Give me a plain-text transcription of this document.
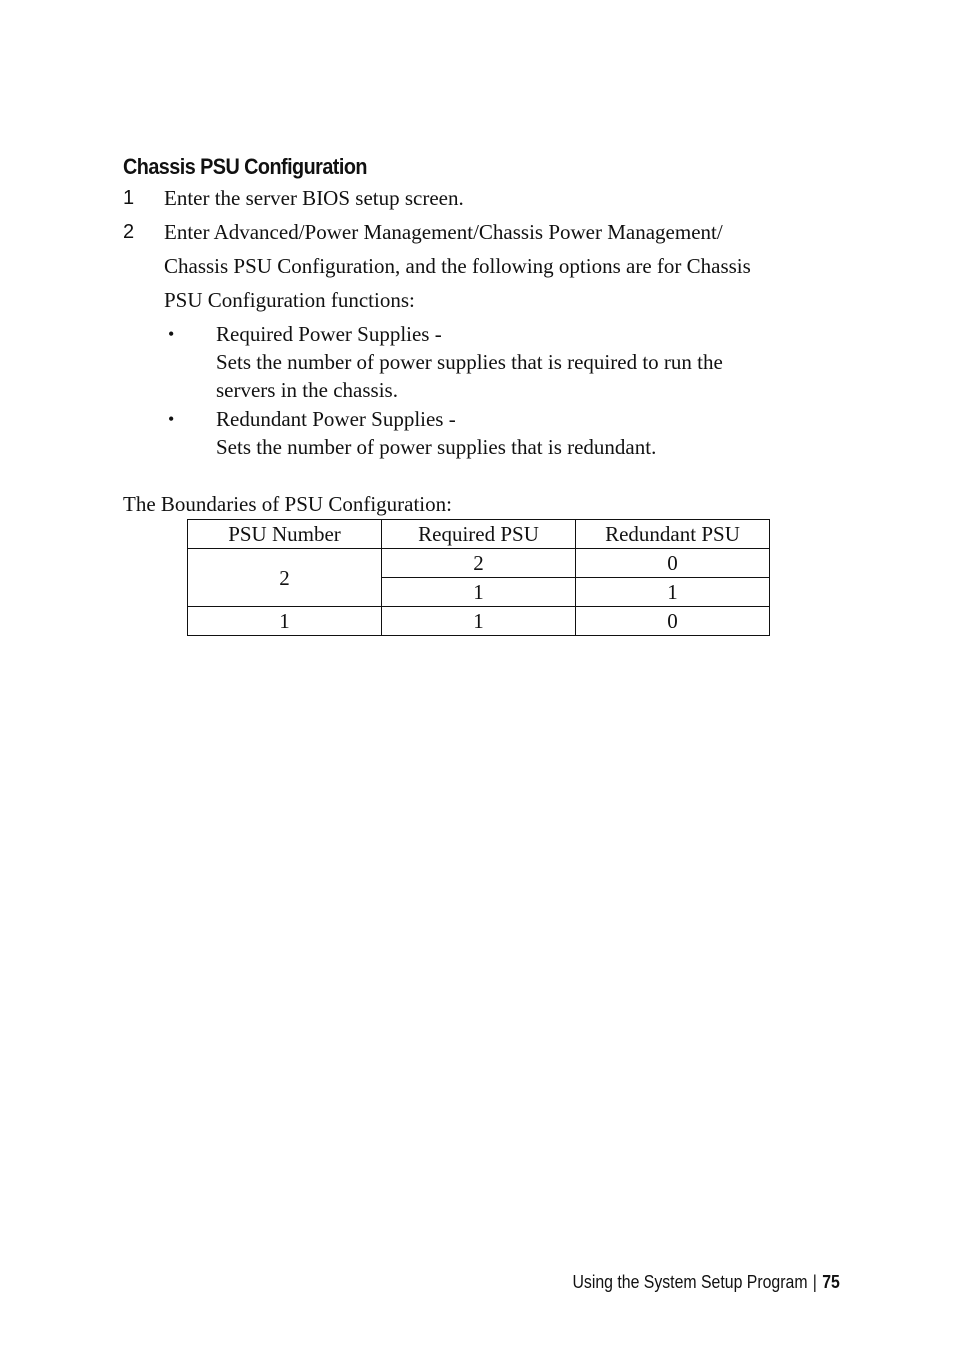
Chassis PSU Configuration
1 Enter the server BIOS setup screen.
2 Enter Advanced/Power Management/Chassis Power Management/
Chassis PSU Configuration, and the following options are for Chassis
PSU Configuration functions:
• Required Power Supplies -
Sets the number of power supplies that is required to run the
servers in the chassis.
• Redundant Power Supplies -
Sets the number of power supplies that is redundant.
The Boundaries of PSU Configuration:
PSU Number	Required PSU	Redundant PSU
2	2	0
	1	1
1	1	0
Using the System Setup Program | 75
